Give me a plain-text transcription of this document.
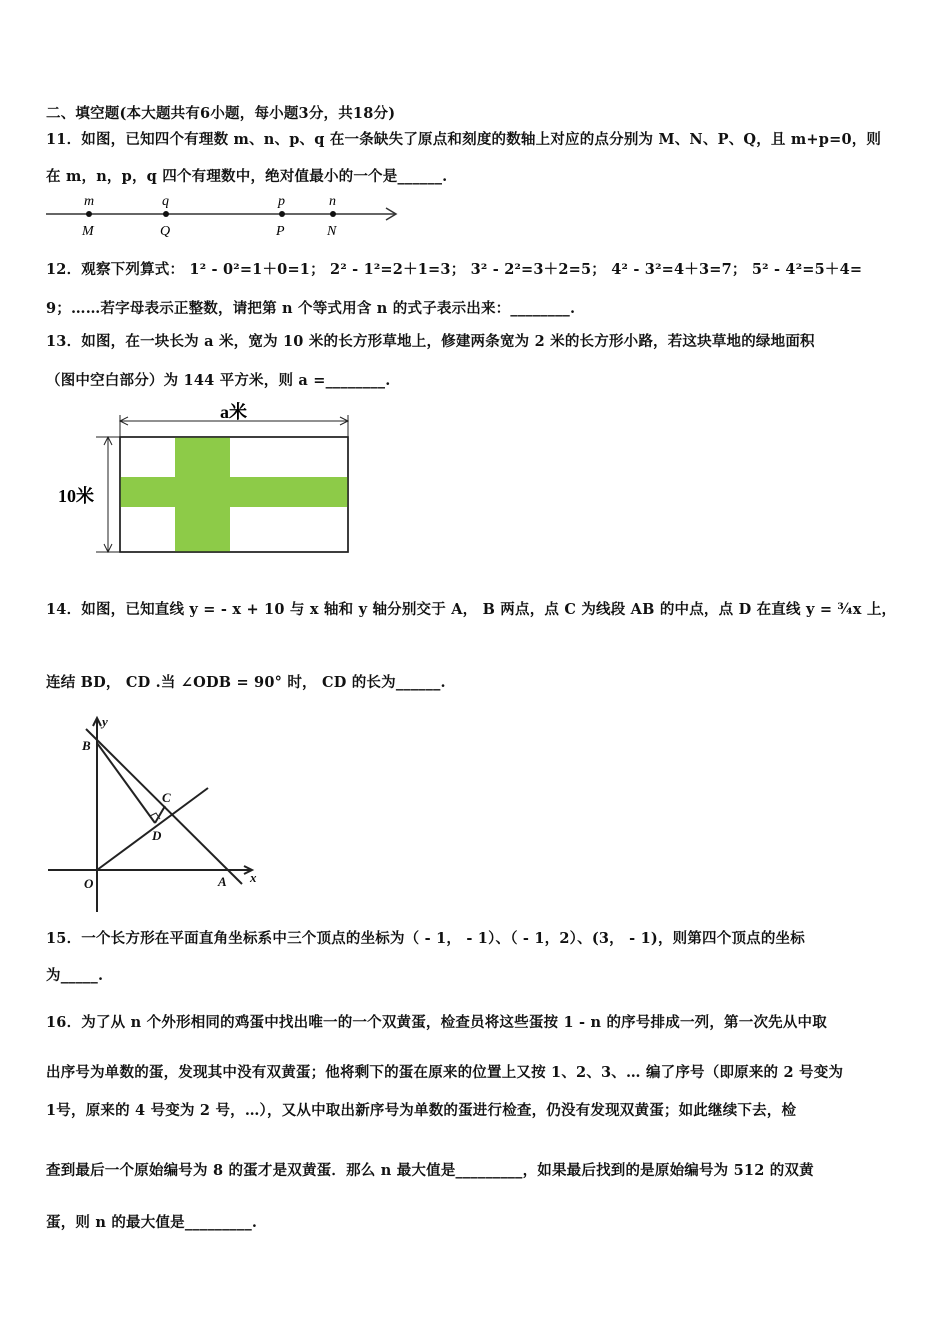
二、填空题(本大题共有6小题，每小题3分，共18分)
11．如图，已知四个有理数 m、n、p、q 在一条缺失了原点和刻度的数轴上对应的点分别为 M、N、P、Q，且 m+p=0，则
在 m，n，p，q 四个有理数中，绝对值最小的一个是______.
m	q	p	n
M	Q	P	N
a米
10米
y
B
C
D
O	A x
12．观察下列算式： 1² - 0²=1＋0=1； 2² - 1²=2＋1=3； 3² - 2²=3＋2=5； 4² - 3²=4＋3=7； 5² - 4²=5＋4=
9；……若字母表示正整数，请把第 n 个等式用含 n 的式子表示出来：________.
13．如图，在一块长为 a 米，宽为 10 米的长方形草地上，修建两条宽为 2 米的长方形小路，若这块草地的绿地面积
（图中空白部分）为 144 平方米，则 a =________.
14．如图，已知直线 y = - x + 10 与 x 轴和 y 轴分别交于 A， B 两点，点 C 为线段 AB 的中点，点 D 在直线 y = ¾x 上，
连结 BD， CD .当 ∠ODB = 90° 时， CD 的长为______.
15．一个长方形在平面直角坐标系中三个顶点的坐标为（ - 1， - 1）、（ - 1，2）、(3， - 1)，则第四个顶点的坐标
为_____.
16．为了从 n 个外形相同的鸡蛋中找出唯一的一个双黄蛋，检查员将这些蛋按 1 - n 的序号排成一列，第一次先从中取
出序号为单数的蛋，发现其中没有双黄蛋；他将剩下的蛋在原来的位置上又按 1、2、3、… 编了序号（即原来的 2 号变为
1号，原来的 4 号变为 2 号，…），又从中取出新序号为单数的蛋进行检查，仍没有发现双黄蛋；如此继续下去，检
查到最后一个原始编号为 8 的蛋才是双黄蛋．那么 n 最大值是_________，如果最后找到的是原始编号为 512 的双黄
蛋，则 n 的最大值是_________.
